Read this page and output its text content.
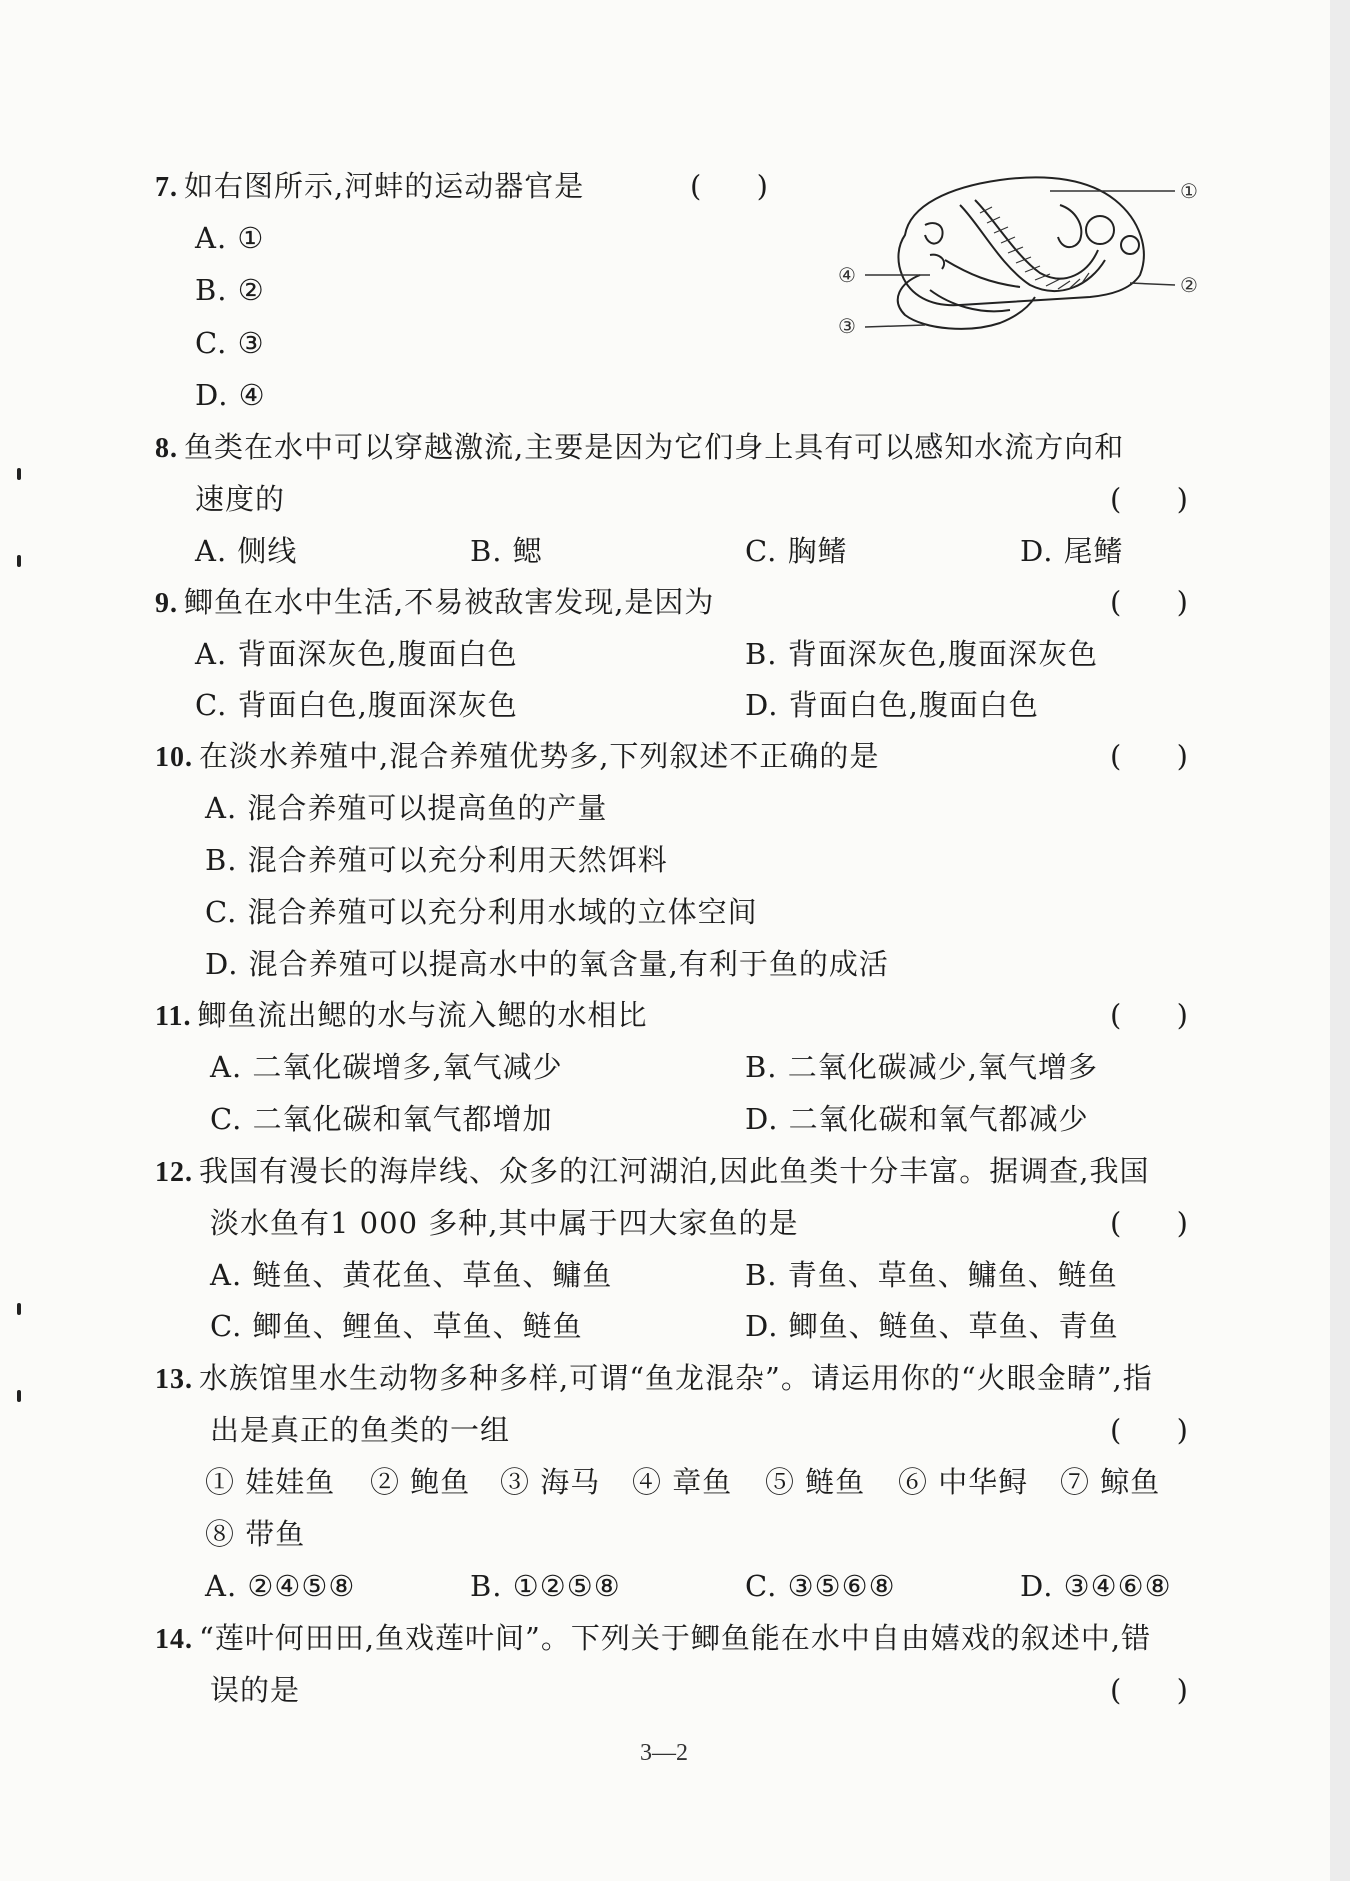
7. 如右图所示,河蚌的运动器官是	(      )
A. ①
B. ②
C. ③
D. ④
①
②
③
④
8. 鱼类在水中可以穿越激流,主要是因为它们身上具有可以感知水流方向和
速度的	(      )
A. 侧线	B. 鳃	C. 胸鳍	D. 尾鳍
9. 鲫鱼在水中生活,不易被敌害发现,是因为	(      )
A. 背面深灰色,腹面白色	B. 背面深灰色,腹面深灰色
C. 背面白色,腹面深灰色	D. 背面白色,腹面白色
10. 在淡水养殖中,混合养殖优势多,下列叙述不正确的是	(      )
A. 混合养殖可以提高鱼的产量
B. 混合养殖可以充分利用天然饵料
C. 混合养殖可以充分利用水域的立体空间
D. 混合养殖可以提高水中的氧含量,有利于鱼的成活
11. 鲫鱼流出鳃的水与流入鳃的水相比	(      )
A. 二氧化碳增多,氧气减少	B. 二氧化碳减少,氧气增多
C. 二氧化碳和氧气都增加	D. 二氧化碳和氧气都减少
12. 我国有漫长的海岸线、众多的江河湖泊,因此鱼类十分丰富。据调查,我国
淡水鱼有1 000 多种,其中属于四大家鱼的是	(      )
A. 鲢鱼、黄花鱼、草鱼、鳙鱼	B. 青鱼、草鱼、鳙鱼、鲢鱼
C. 鲫鱼、鲤鱼、草鱼、鲢鱼	D. 鲫鱼、鲢鱼、草鱼、青鱼
13. 水族馆里水生动物多种多样,可谓“鱼龙混杂”。请运用你的“火眼金睛”,指
出是真正的鱼类的一组	(      )
① 娃娃鱼 ② 鲍鱼 ③ 海马 ④ 章鱼 ⑤ 鲢鱼 ⑥ 中华鲟 ⑦ 鲸鱼
⑧ 带鱼
A. ②④⑤⑧	B. ①②⑤⑧	C. ③⑤⑥⑧	D. ③④⑥⑧
14. “莲叶何田田,鱼戏莲叶间”。下列关于鲫鱼能在水中自由嬉戏的叙述中,错
误的是	(      )
3—2
